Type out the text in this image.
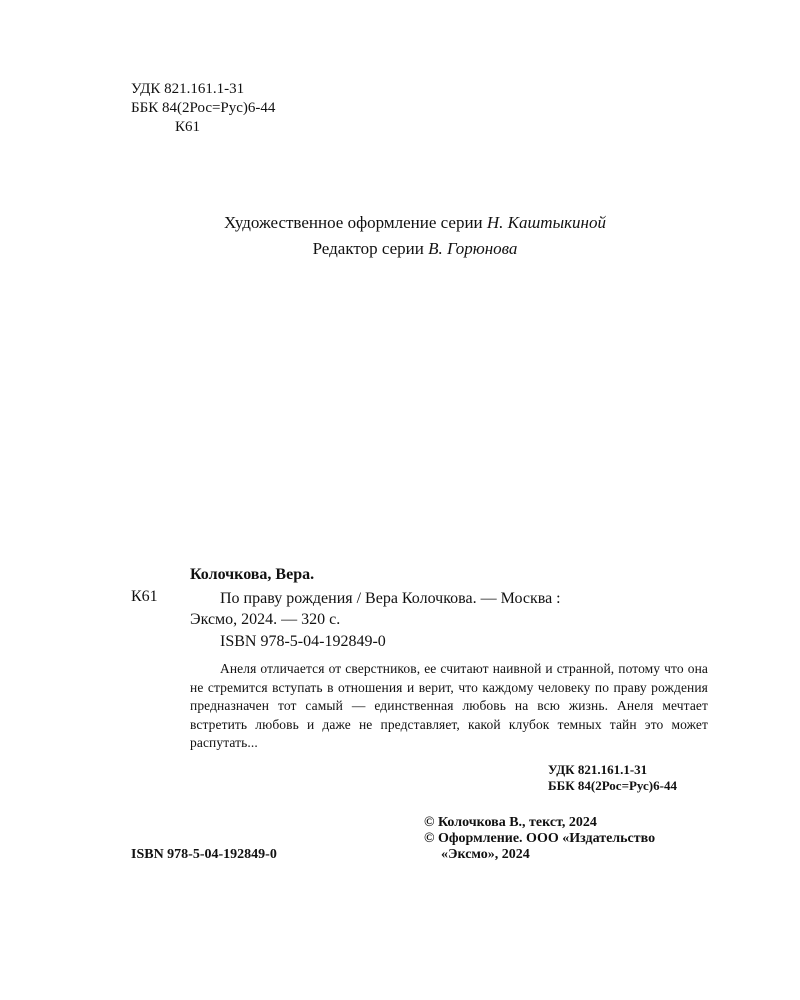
УДК 821.161.1-31
ББК 84(2Рос=Рус)6-44
К61
Художественное оформление серии Н. Каштыкиной
Редактор серии В. Горюнова
Колочкова, Вера.
К61	По праву рождения / Вера Колочкова. — Москва :
Эксмо, 2024. — 320 с.
ISBN 978-5-04-192849-0
Анеля отличается от сверстников, ее считают наивной и странной, потому что она не стремится вступать в отношения и верит, что каждому человеку по праву рождения предназначен тот самый — единственная любовь на всю жизнь. Анеля мечтает встретить любовь и даже не представляет, какой клубок темных тайн это может распутать...
УДК 821.161.1-31
ББК 84(2Рос=Рус)6-44
© Колочкова В., текст, 2024
© Оформление. ООО «Издательство
«Эксмо», 2024
ISBN 978-5-04-192849-0
